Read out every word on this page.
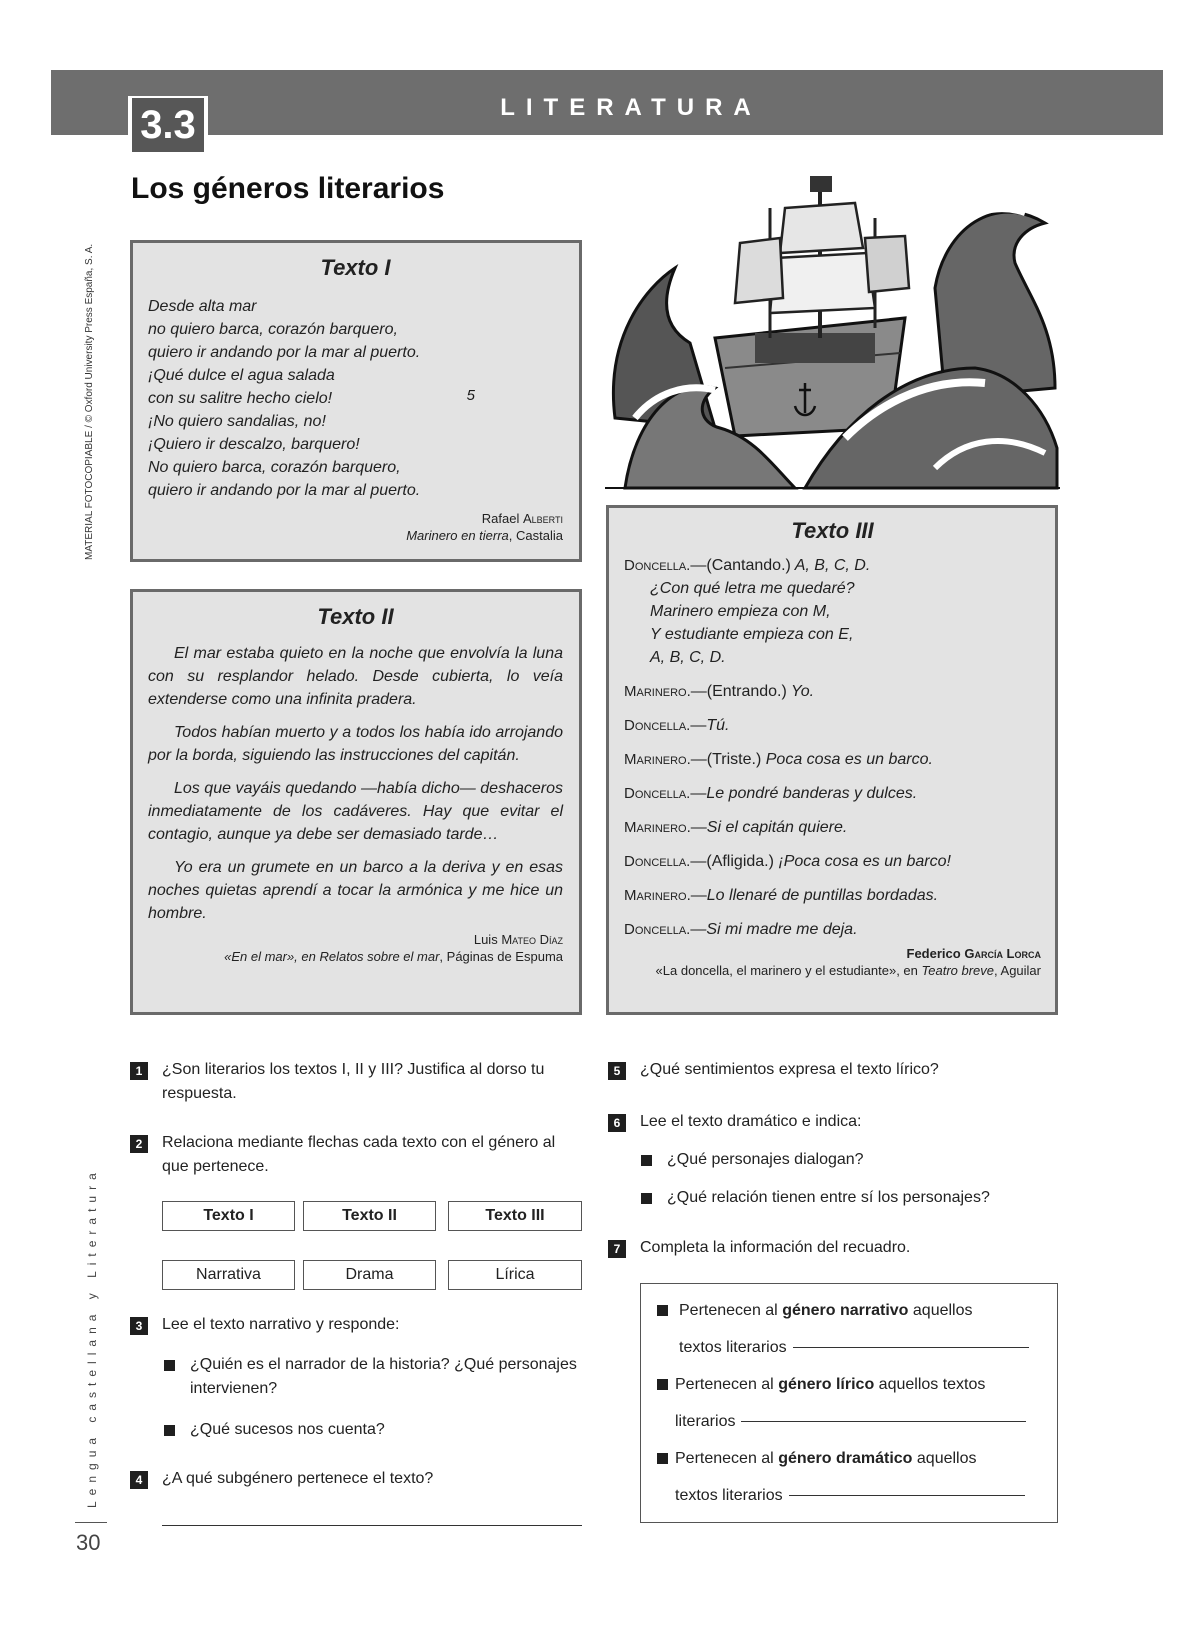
LITERATURA
3.3
MATERIAL FOTOCOPIABLE / © Oxford University Press España, S. A.
Lengua castellana y Literatura
30
Los géneros literarios
Texto I
Desde alta mar
no quiero barca, corazón barquero,
quiero ir andando por la mar al puerto.
¡Qué dulce el agua salada
con su salitre hecho cielo!	5
¡No quiero sandalias, no!
¡Quiero ir descalzo, barquero!
No quiero barca, corazón barquero,
quiero ir andando por la mar al puerto.
Rafael Alberti
Marinero en tierra, Castalia
Texto II

El mar estaba quieto en la noche que envolvía la luna con su resplandor helado. Desde cubierta, lo veía extenderse como una infinita pradera.

Todos habían muerto y a todos los había ido arrojando por la borda, siguiendo las instrucciones del capitán.

Los que vayáis quedando —había dicho— deshaceros inmediatamente de los cadáveres. Hay que evitar el contagio, aunque ya debe ser demasiado tarde…

Yo era un grumete en un barco a la deriva y en esas noches quietas aprendí a tocar la armónica y me hice un hombre.

Luis Mateo Díaz
«En el mar», en Relatos sobre el mar, Páginas de Espuma
Texto III
Doncella.—(Cantando.) A, B, C, D.
¿Con qué letra me quedaré?
Marinero empieza con M,
Y estudiante empieza con E,
A, B, C, D.
Marinero.—(Entrando.) Yo.
Doncella.—Tú.
Marinero.—(Triste.) Poca cosa es un barco.
Doncella.—Le pondré banderas y dulces.
Marinero.—Si el capitán quiere.
Doncella.—(Afligida.) ¡Poca cosa es un barco!
Marinero.—Lo llenaré de puntillas bordadas.
Doncella.—Si mi madre me deja.
Federico García Lorca
«La doncella, el marinero y el estudiante», en Teatro breve, Aguilar
1	¿Son literarios los textos I, II y III? Justifica al dorso tu respuesta.
2	Relaciona mediante flechas cada texto con el género al que pertenece.
Texto I	Texto II	Texto III
Narrativa	Drama	Lírica
3	Lee el texto narrativo y responde:
¿Quién es el narrador de la historia? ¿Qué personajes intervienen?
¿Qué sucesos nos cuenta?
4	¿A qué subgénero pertenece el texto?
5	¿Qué sentimientos expresa el texto lírico?
6	Lee el texto dramático e indica:
¿Qué personajes dialogan?
¿Qué relación tienen entre sí los personajes?
7	Completa la información del recuadro.
Pertenecen al género narrativo aquellos
textos literarios
Pertenecen al género lírico aquellos textos
literarios
Pertenecen al género dramático aquellos
textos literarios
